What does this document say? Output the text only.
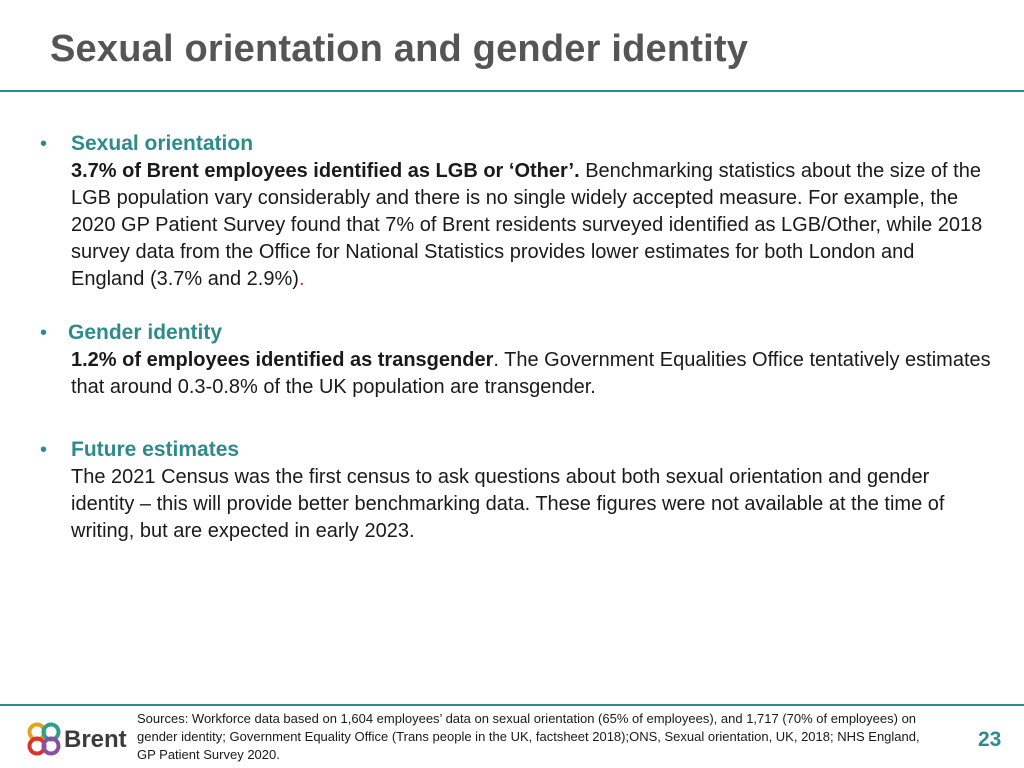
Sexual orientation and gender identity
• Sexual orientation
3.7% of Brent employees identified as LGB or ‘Other’. Benchmarking statistics about the size of the LGB population vary considerably and there is no single widely accepted measure. For example, the 2020 GP Patient Survey found that 7% of Brent residents surveyed identified as LGB/Other, while 2018 survey data from the Office for National Statistics provides lower estimates for both London and England (3.7% and 2.9%).
• Gender identity
1.2% of employees identified as transgender. The Government Equalities Office tentatively estimates that around 0.3-0.8% of the UK population are transgender.
• Future estimates
The 2021 Census was the first census to ask questions about both sexual orientation and gender identity – this will provide better benchmarking data. These figures were not available at the time of writing, but are expected in early 2023.
Brent
Sources: Workforce data based on 1,604 employees’ data on sexual orientation (65% of employees), and 1,717 (70% of employees) on gender identity; Government Equality Office (Trans people in the UK, factsheet 2018);ONS, Sexual orientation, UK, 2018; NHS England, GP Patient Survey 2020.
23
